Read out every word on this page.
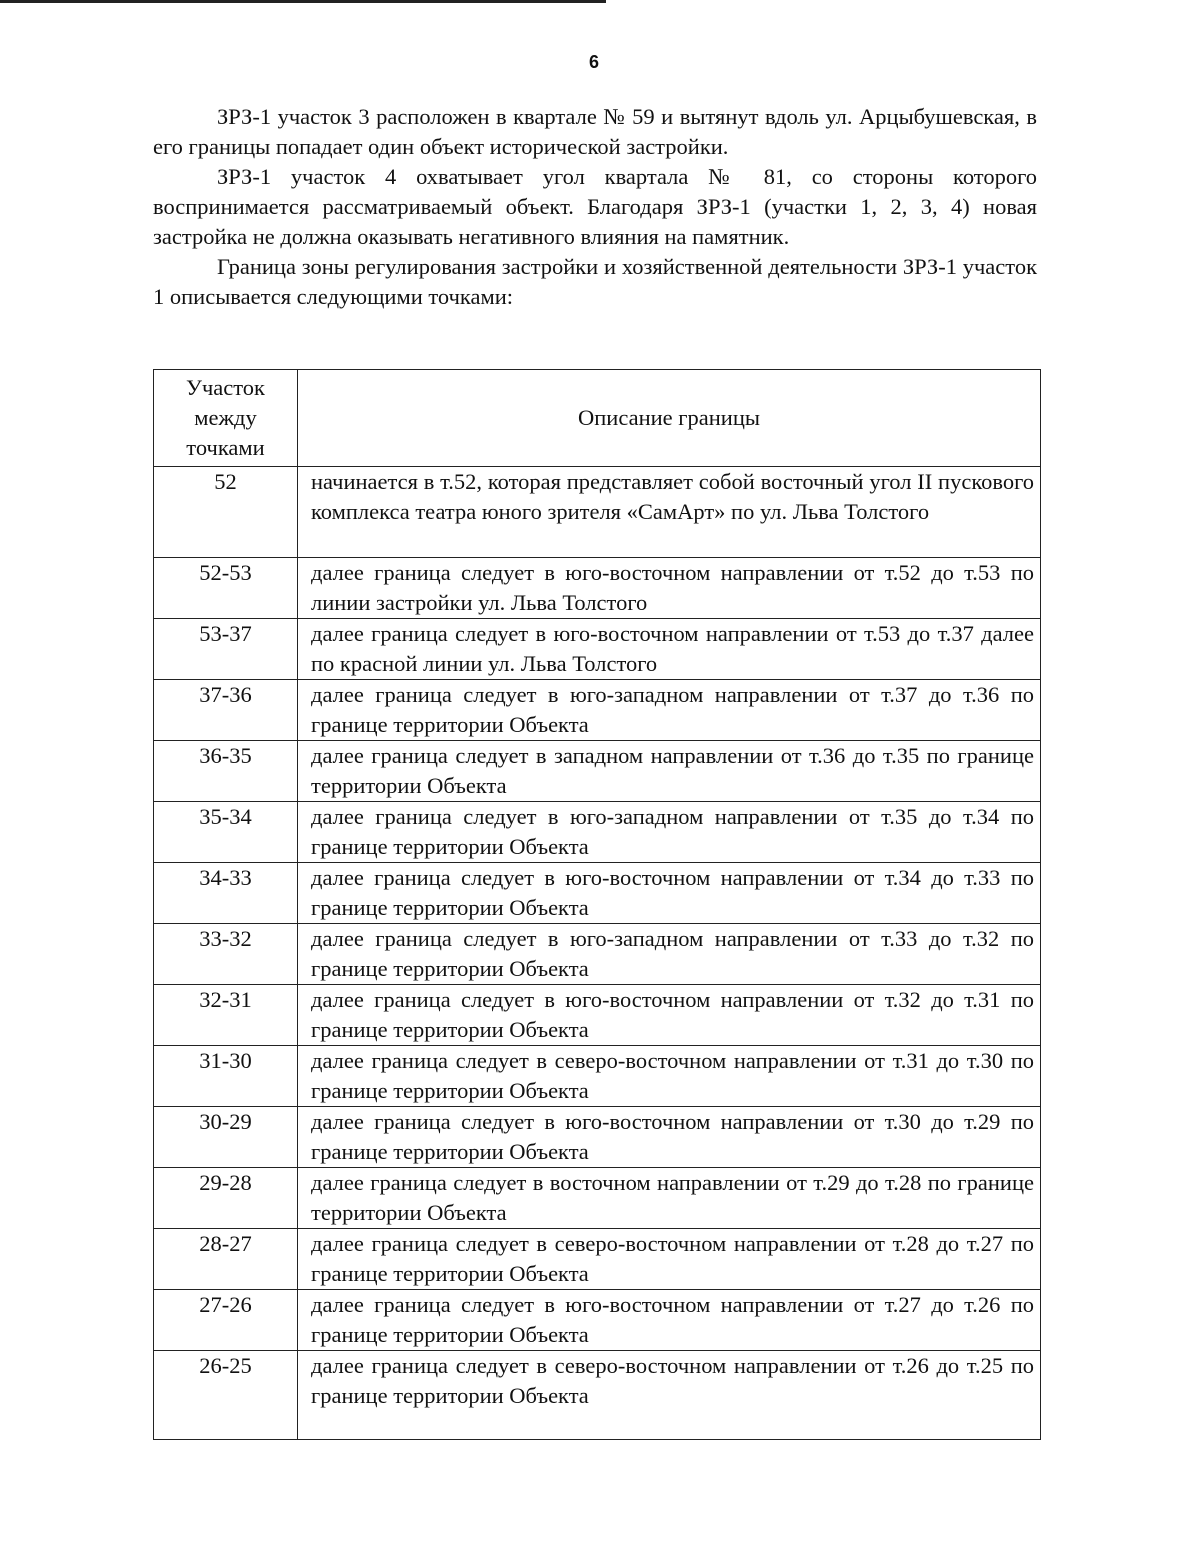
6

ЗРЗ-1 участок 3 расположен в квартале № 59 и вытянут вдоль ул. Арцыбушевская, в его границы попадает один объект исторической застройки.

ЗРЗ-1 участок 4 охватывает угол квартала № 81, со стороны которого воспринимается рассматриваемый объект. Благодаря ЗРЗ-1 (участки 1, 2, 3, 4) новая застройка не должна оказывать негативного влияния на памятник.

Граница зоны регулирования застройки и хозяйственной деятельности ЗРЗ-1 участок 1 описывается следующими точками:

Участок между точками	Описание границы
52	начинается в т.52, которая представляет собой восточный угол II пускового комплекса театра юного зрителя «СамАрт» по ул. Льва Толстого
52-53	далее граница следует в юго-восточном направлении от т.52 до т.53 по линии застройки ул. Льва Толстого
53-37	далее граница следует в юго-восточном направлении от т.53 до т.37 далее по красной линии ул. Льва Толстого
37-36	далее граница следует в юго-западном направлении от т.37 до т.36 по границе территории Объекта
36-35	далее граница следует в западном направлении от т.36 до т.35 по границе территории Объекта
35-34	далее граница следует в юго-западном направлении от т.35 до т.34 по границе территории Объекта
34-33	далее граница следует в юго-восточном направлении от т.34 до т.33 по границе территории Объекта
33-32	далее граница следует в юго-западном направлении от т.33 до т.32 по границе территории Объекта
32-31	далее граница следует в юго-восточном направлении от т.32 до т.31 по границе территории Объекта
31-30	далее граница следует в северо-восточном направлении от т.31 до т.30 по границе территории Объекта
30-29	далее граница следует в юго-восточном направлении от т.30 до т.29 по границе территории Объекта
29-28	далее граница следует в восточном направлении от т.29 до т.28 по границе территории Объекта
28-27	далее граница следует в северо-восточном направлении от т.28 до т.27 по границе территории Объекта
27-26	далее граница следует в юго-восточном направлении от т.27 до т.26 по границе территории Объекта
26-25	далее граница следует в северо-восточном направлении от т.26 до т.25 по границе территории Объекта
